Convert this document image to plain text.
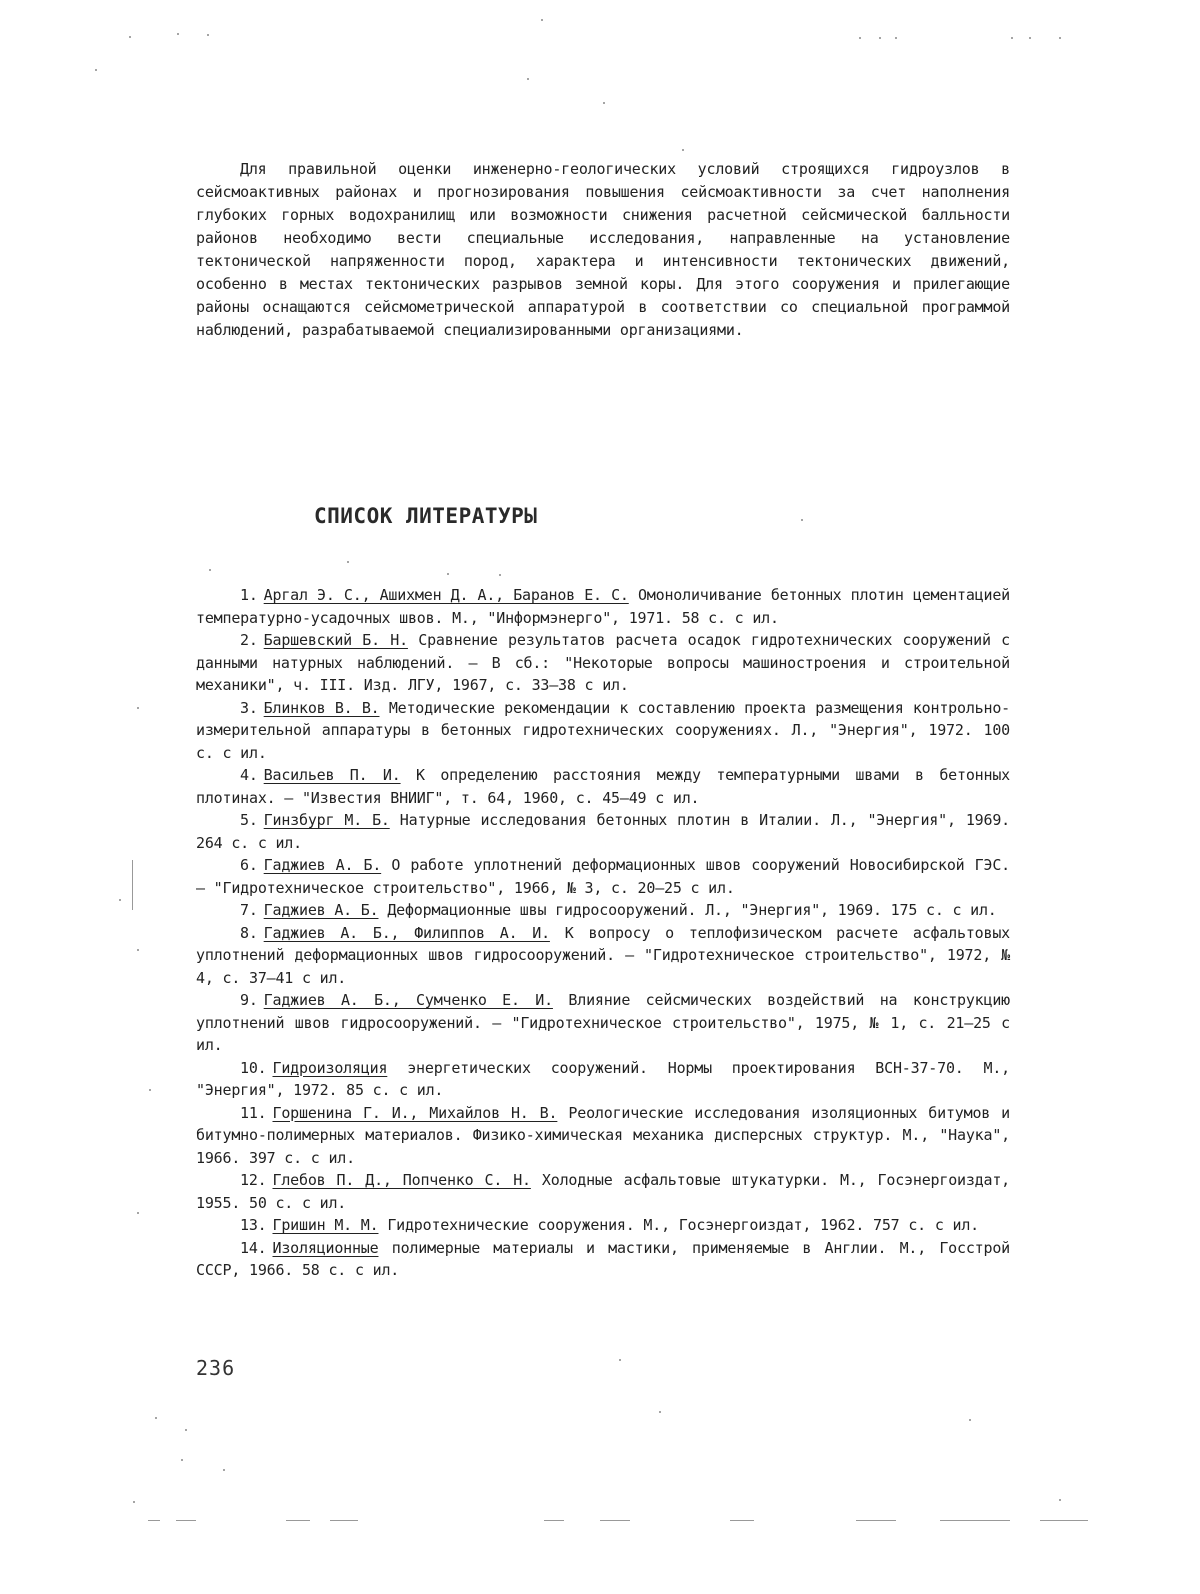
Для правильной оценки инженерно-геологических условий строящихся гидроузлов в сейсмоактивных районах и прогнозирования повышения сейсмоактивности за счет наполнения глубоких горных водохранилищ или возможности снижения расчетной сейсмической балльности районов необходимо вести специальные исследования, направленные на установление тектонической напряженности пород, характера и интенсивности тектонических движений, особенно в местах тектонических разрывов земной коры. Для этого сооружения и прилегающие районы оснащаются сейсмометрической аппаратурой в соответствии со специальной программой наблюдений, разрабатываемой специализированными организациями.

СПИСОК ЛИТЕРАТУРЫ
1. Аргал Э. С., Ашихмен Д. А., Баранов Е. С. Омоноличивание бетонных плотин цементацией температурно-усадочных швов. М., "Информэнерго", 1971. 58 с. с ил.
2. Баршевский Б. Н. Сравнение результатов расчета осадок гидротехнических сооружений с данными натурных наблюдений. – В сб.: "Некоторые вопросы машиностроения и строительной механики", ч. III. Изд. ЛГУ, 1967, с. 33–38 с ил.
3. Блинков В. В. Методические рекомендации к составлению проекта размещения контрольно-измерительной аппаратуры в бетонных гидротехнических сооружениях. Л., "Энергия", 1972. 100 с. с ил.
4. Васильев П. И. К определению расстояния между температурными швами в бетонных плотинах. – "Известия ВНИИГ", т. 64, 1960, с. 45–49 с ил.
5. Гинзбург М. Б. Натурные исследования бетонных плотин в Италии. Л., "Энергия", 1969. 264 с. с ил.
6. Гаджиев А. Б. О работе уплотнений деформационных швов сооружений Новосибирской ГЭС. – "Гидротехническое строительство", 1966, № 3, с. 20–25 с ил.
7. Гаджиев А. Б. Деформационные швы гидросооружений. Л., "Энергия", 1969. 175 с. с ил.
8. Гаджиев А. Б., Филиппов А. И. К вопросу о теплофизическом расчете асфальтовых уплотнений деформационных швов гидросооружений. – "Гидротехническое строительство", 1972, № 4, с. 37–41 с ил.
9. Гаджиев А. Б., Сумченко Е. И. Влияние сейсмических воздействий на конструкцию уплотнений швов гидросооружений. – "Гидротехническое строительство", 1975, № 1, с. 21–25 с ил.
10. Гидроизоляция энергетических сооружений. Нормы проектирования ВСН-37-70. М., "Энергия", 1972. 85 с. с ил.
11. Горшенина Г. И., Михайлов Н. В. Реологические исследования изоляционных битумов и битумно-полимерных материалов. Физико-химическая механика дисперсных структур. М., "Наука", 1966. 397 с. с ил.
12. Глебов П. Д., Попченко С. Н. Холодные асфальтовые штукатурки. М., Госэнергоиздат, 1955. 50 с. с ил.
13. Гришин М. М. Гидротехнические сооружения. М., Госэнергоиздат, 1962. 757 с. с ил.
14. Изоляционные полимерные материалы и мастики, применяемые в Англии. М., Госстрой СССР, 1966. 58 с. с ил.
236
